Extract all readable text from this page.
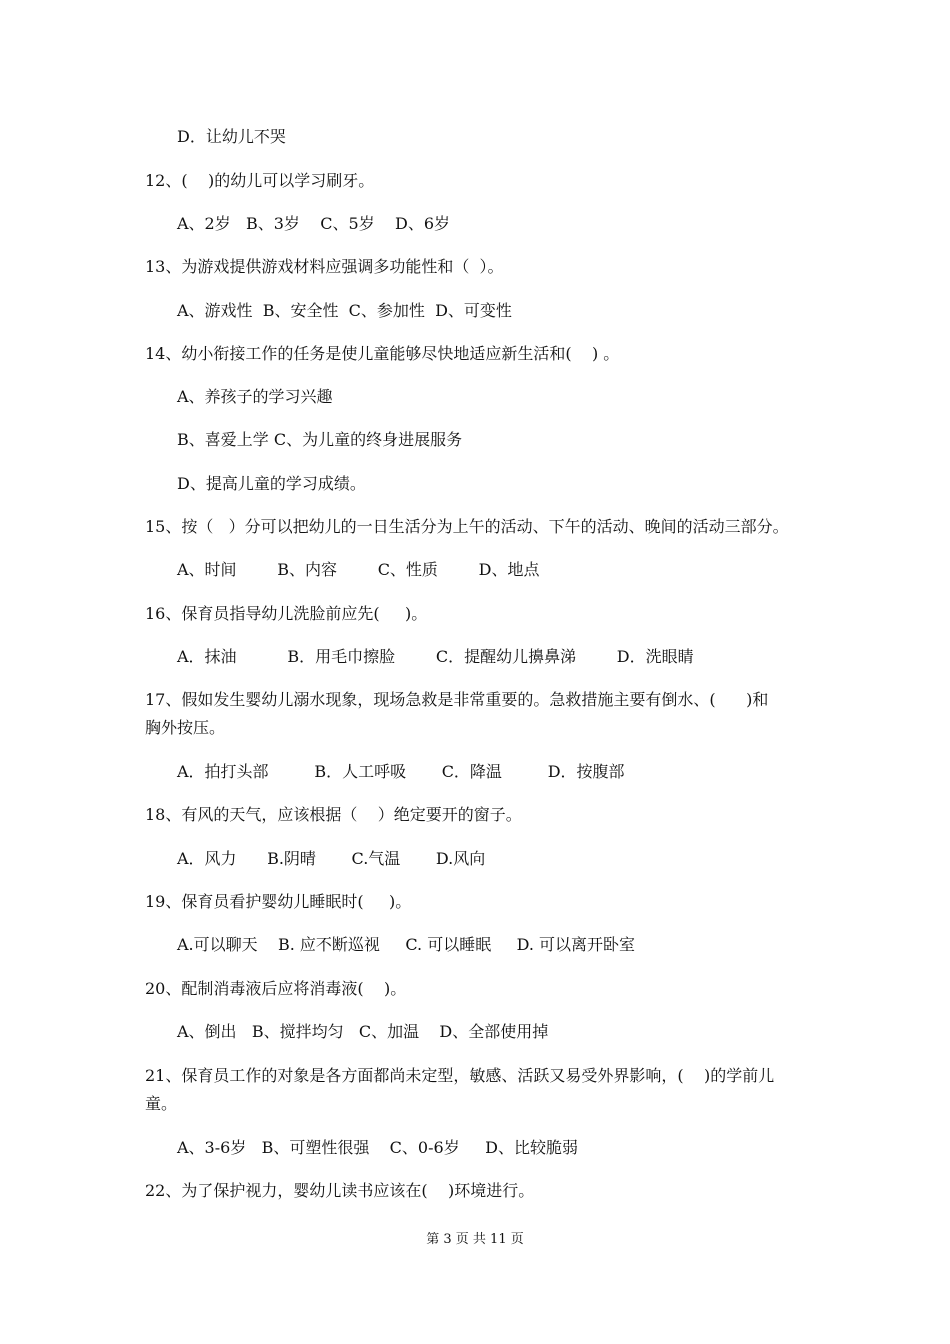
D．让幼儿不哭
12、(    )的幼儿可以学习刷牙。
A、2岁   B、3岁    C、5岁    D、6岁
13、为游戏提供游戏材料应强调多功能性和（  ）。
A、游戏性  B、安全性  C、参加性  D、可变性
14、幼小衔接工作的任务是使儿童能够尽快地适应新生活和(    ) 。
A、养孩子的学习兴趣
B、喜爱上学 C、为儿童的终身进展服务
D、提高儿童的学习成绩。
15、按（   ）分可以把幼儿的一日生活分为上午的活动、下午的活动、晚间的活动三部分。
A、时间        B、内容        C、性质        D、地点
16、保育员指导幼儿洗脸前应先(     )。
A．抹油          B．用毛巾擦脸        C．提醒幼儿擤鼻涕        D．洗眼睛
17、假如发生婴幼儿溺水现象，现场急救是非常重要的。急救措施主要有倒水、(      )和
胸外按压。
A．拍打头部         B．人工呼吸       C．降温         D．按腹部
18、有风的天气，应该根据（    ）绝定要开的窗子。
A．风力      B.阴晴       C.气温       D.风向
19、保育员看护婴幼儿睡眠时(     )。
A.可以聊天    B. 应不断巡视     C. 可以睡眠     D. 可以离开卧室
20、配制消毒液后应将消毒液(    )。
A、倒出   B、搅拌均匀   C、加温    D、全部使用掉
21、保育员工作的对象是各方面都尚未定型，敏感、活跃又易受外界影响，(    )的学前儿
童。
A、3-6岁   B、可塑性很强    C、0-6岁     D、比较脆弱
22、为了保护视力，婴幼儿读书应该在(    )环境进行。
第 3 页 共 11 页
